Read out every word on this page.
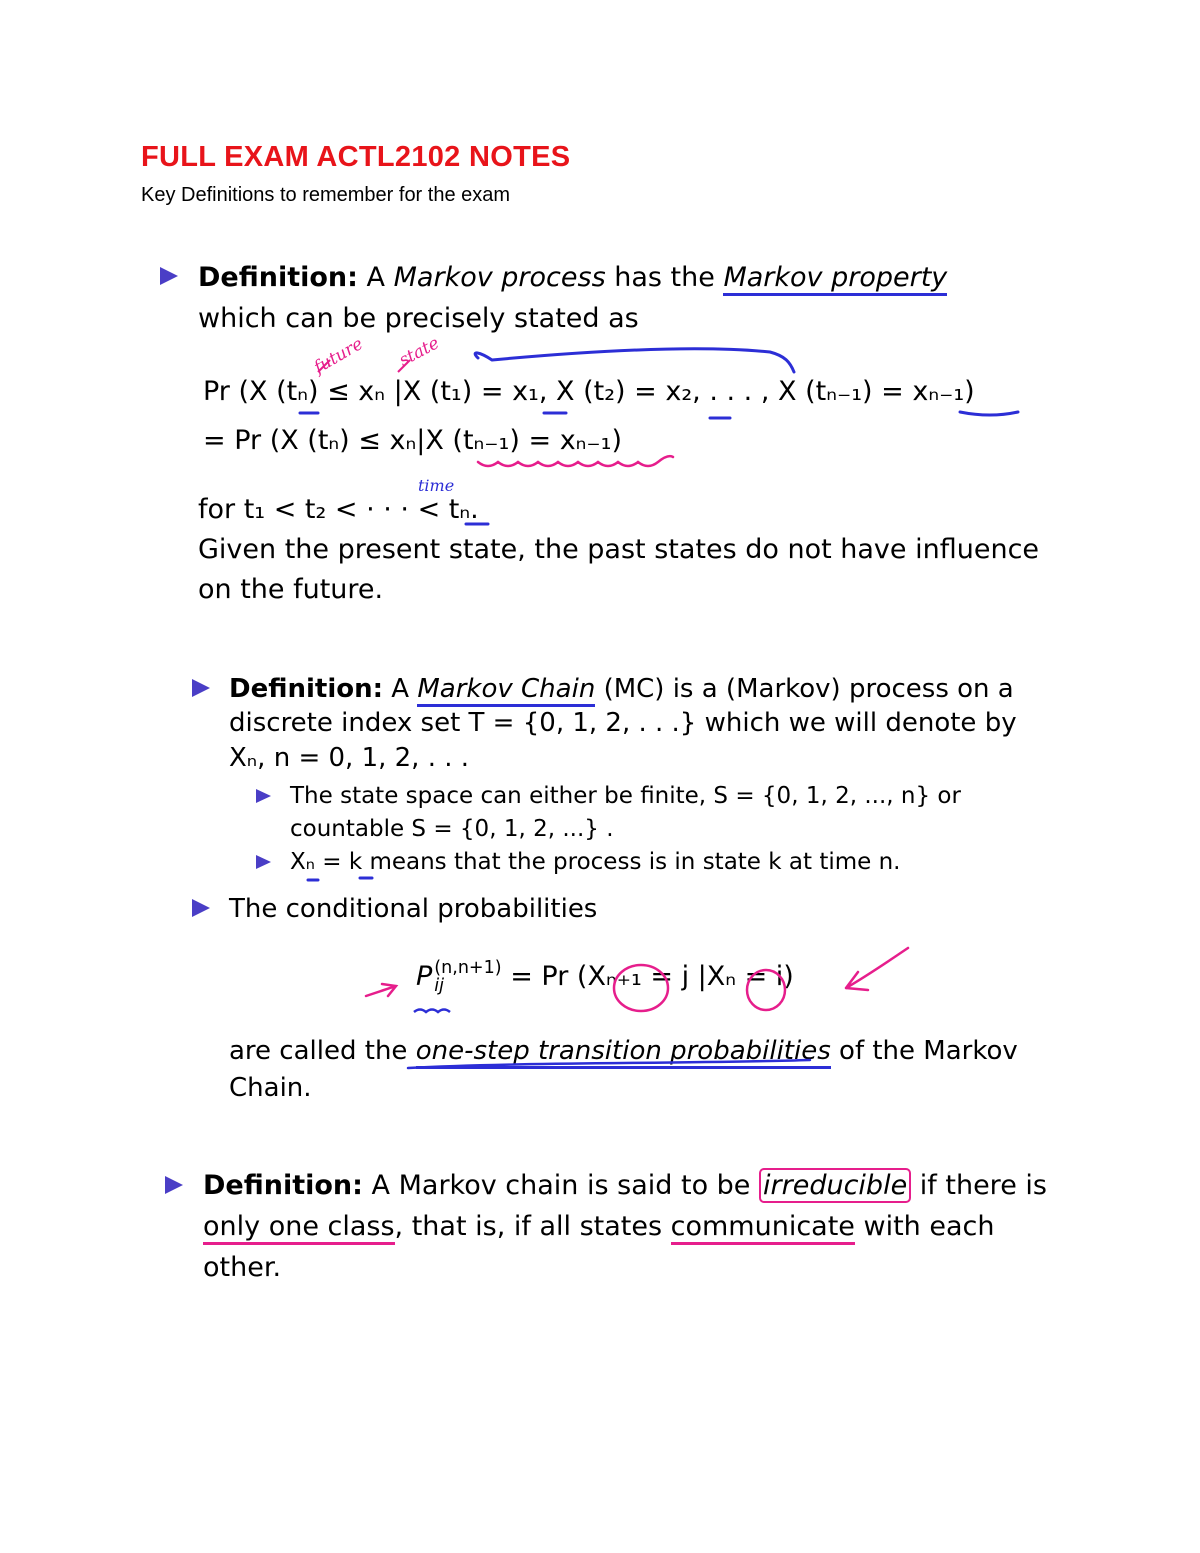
FULL EXAM ACTL2102 NOTES
Key Definitions to remember for the exam
Definition: A Markov process has the Markov property
which can be precisely stated as
Pr (X (tₙ) ≤ xₙ |X (t₁) = x₁, X (t₂) = x₂, . . . , X (tₙ₋₁) = xₙ₋₁)
= Pr (X (tₙ) ≤ xₙ|X (tₙ₋₁) = xₙ₋₁)
for t₁ < t₂ < · · · < tₙ.
Given the present state, the past states do not have influence
on the future.
future state
time
Definition: A Markov Chain (MC) is a (Markov) process on a
discrete index set T = {0, 1, 2, . . .} which we will denote by
Xₙ, n = 0, 1, 2, . . .
The state space can either be finite, S = {0, 1, 2, ..., n} or
countable S = {0, 1, 2, ...} .
Xₙ = k means that the process is in state k at time n.
The conditional probabilities
P (n,n+1)
ij	= Pr (Xₙ₊₁ = j |Xₙ = i)
are called the one-step transition probabilities of the Markov
Chain.
Definition: A Markov chain is said to be irreducible if there is
only one class, that is, if all states communicate with each
other.
